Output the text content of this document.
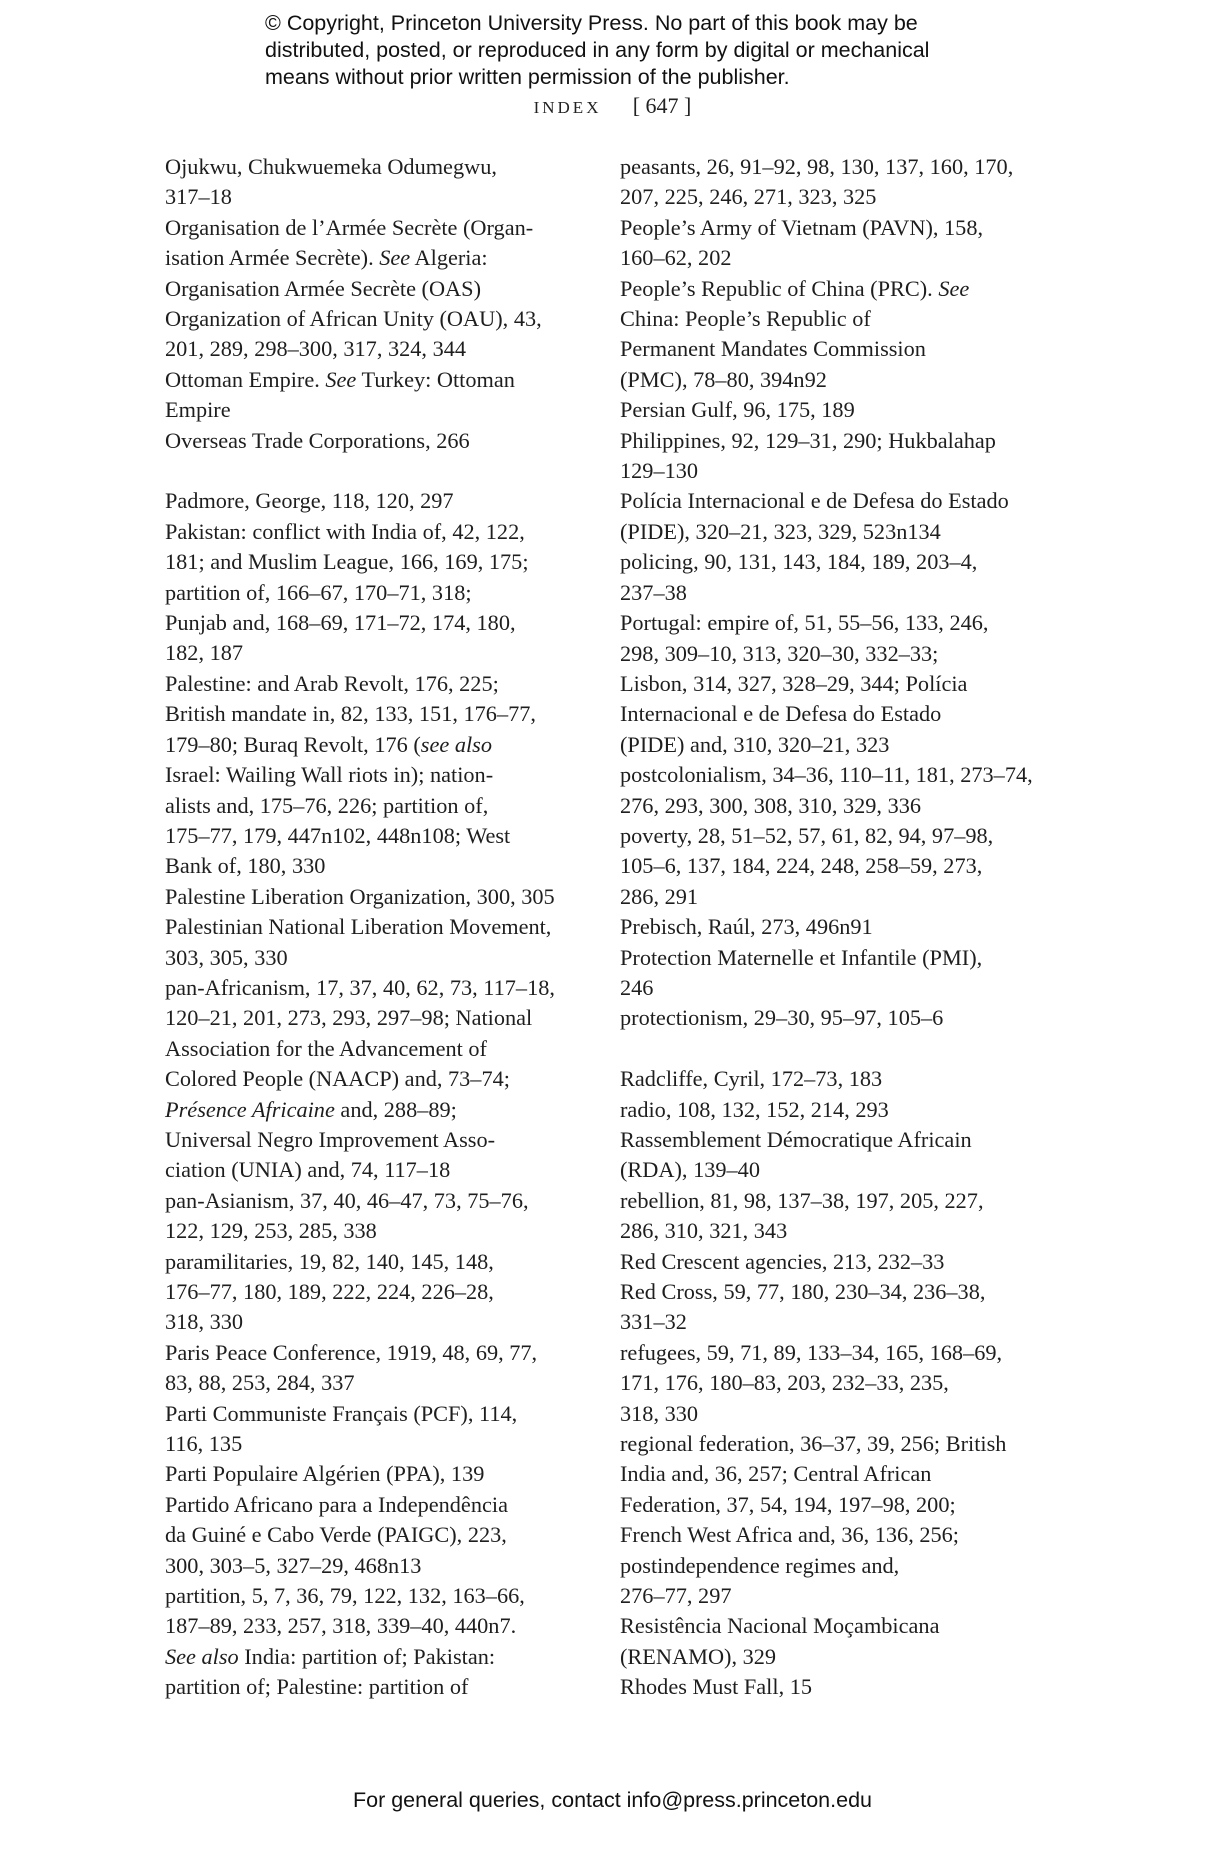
© Copyright, Princeton University Press. No part of this book may be
distributed, posted, or reproduced in any form by digital or mechanical
means without prior written permission of the publisher.
INDEX [ 647 ]
Ojukwu, Chukwuemeka Odumegwu,
317–18
Organisation de l’Armée Secrète (Organ-
isation Armée Secrète). See Algeria:
Organisation Armée Secrète (OAS)
Organization of African Unity (OAU), 43,
201, 289, 298–300, 317, 324, 344
Ottoman Empire. See Turkey: Ottoman
Empire
Overseas Trade Corporations, 266
Padmore, George, 118, 120, 297
Pakistan: conflict with India of, 42, 122,
181; and Muslim League, 166, 169, 175;
partition of, 166–67, 170–71, 318;
Punjab and, 168–69, 171–72, 174, 180,
182, 187
Palestine: and Arab Revolt, 176, 225;
British mandate in, 82, 133, 151, 176–77,
179–80; Buraq Revolt, 176 (see also
Israel: Wailing Wall riots in); nation-
alists and, 175–76, 226; partition of,
175–77, 179, 447n102, 448n108; West
Bank of, 180, 330
Palestine Liberation Organization, 300, 305
Palestinian National Liberation Movement,
303, 305, 330
pan-Africanism, 17, 37, 40, 62, 73, 117–18,
120–21, 201, 273, 293, 297–98; National
Association for the Advancement of
Colored People (NAACP) and, 73–74;
Présence Africaine and, 288–89;
Universal Negro Improvement Asso-
ciation (UNIA) and, 74, 117–18
pan-Asianism, 37, 40, 46–47, 73, 75–76,
122, 129, 253, 285, 338
paramilitaries, 19, 82, 140, 145, 148,
176–77, 180, 189, 222, 224, 226–28,
318, 330
Paris Peace Conference, 1919, 48, 69, 77,
83, 88, 253, 284, 337
Parti Communiste Français (PCF), 114,
116, 135
Parti Populaire Algérien (PPA), 139
Partido Africano para a Independência
da Guiné e Cabo Verde (PAIGC), 223,
300, 303–5, 327–29, 468n13
partition, 5, 7, 36, 79, 122, 132, 163–66,
187–89, 233, 257, 318, 339–40, 440n7.
See also India: partition of; Pakistan:
partition of; Palestine: partition of
peasants, 26, 91–92, 98, 130, 137, 160, 170,
207, 225, 246, 271, 323, 325
People’s Army of Vietnam (PAVN), 158,
160–62, 202
People’s Republic of China (PRC). See
China: People’s Republic of
Permanent Mandates Commission
(PMC), 78–80, 394n92
Persian Gulf, 96, 175, 189
Philippines, 92, 129–31, 290; Hukbalahap
129–130
Polícia Internacional e de Defesa do Estado
(PIDE), 320–21, 323, 329, 523n134
policing, 90, 131, 143, 184, 189, 203–4,
237–38
Portugal: empire of, 51, 55–56, 133, 246,
298, 309–10, 313, 320–30, 332–33;
Lisbon, 314, 327, 328–29, 344; Polícia
Internacional e de Defesa do Estado
(PIDE) and, 310, 320–21, 323
postcolonialism, 34–36, 110–11, 181, 273–74,
276, 293, 300, 308, 310, 329, 336
poverty, 28, 51–52, 57, 61, 82, 94, 97–98,
105–6, 137, 184, 224, 248, 258–59, 273,
286, 291
Prebisch, Raúl, 273, 496n91
Protection Maternelle et Infantile (PMI),
246
protectionism, 29–30, 95–97, 105–6
Radcliffe, Cyril, 172–73, 183
radio, 108, 132, 152, 214, 293
Rassemblement Démocratique Africain
(RDA), 139–40
rebellion, 81, 98, 137–38, 197, 205, 227,
286, 310, 321, 343
Red Crescent agencies, 213, 232–33
Red Cross, 59, 77, 180, 230–34, 236–38,
331–32
refugees, 59, 71, 89, 133–34, 165, 168–69,
171, 176, 180–83, 203, 232–33, 235,
318, 330
regional federation, 36–37, 39, 256; British
India and, 36, 257; Central African
Federation, 37, 54, 194, 197–98, 200;
French West Africa and, 36, 136, 256;
postindependence regimes and,
276–77, 297
Resistência Nacional Moçambicana
(RENAMO), 329
Rhodes Must Fall, 15
For general queries, contact info@press.princeton.edu
